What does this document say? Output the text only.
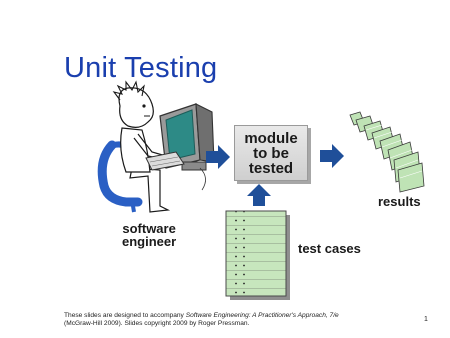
Unit Testing
module
to be
tested
software
engineer
results
test cases
These slides are designed to accompany Software Engineering: A Practitioner's Approach, 7/e
(McGraw-Hill 2009). Slides copyright 2009 by Roger Pressman.
1
